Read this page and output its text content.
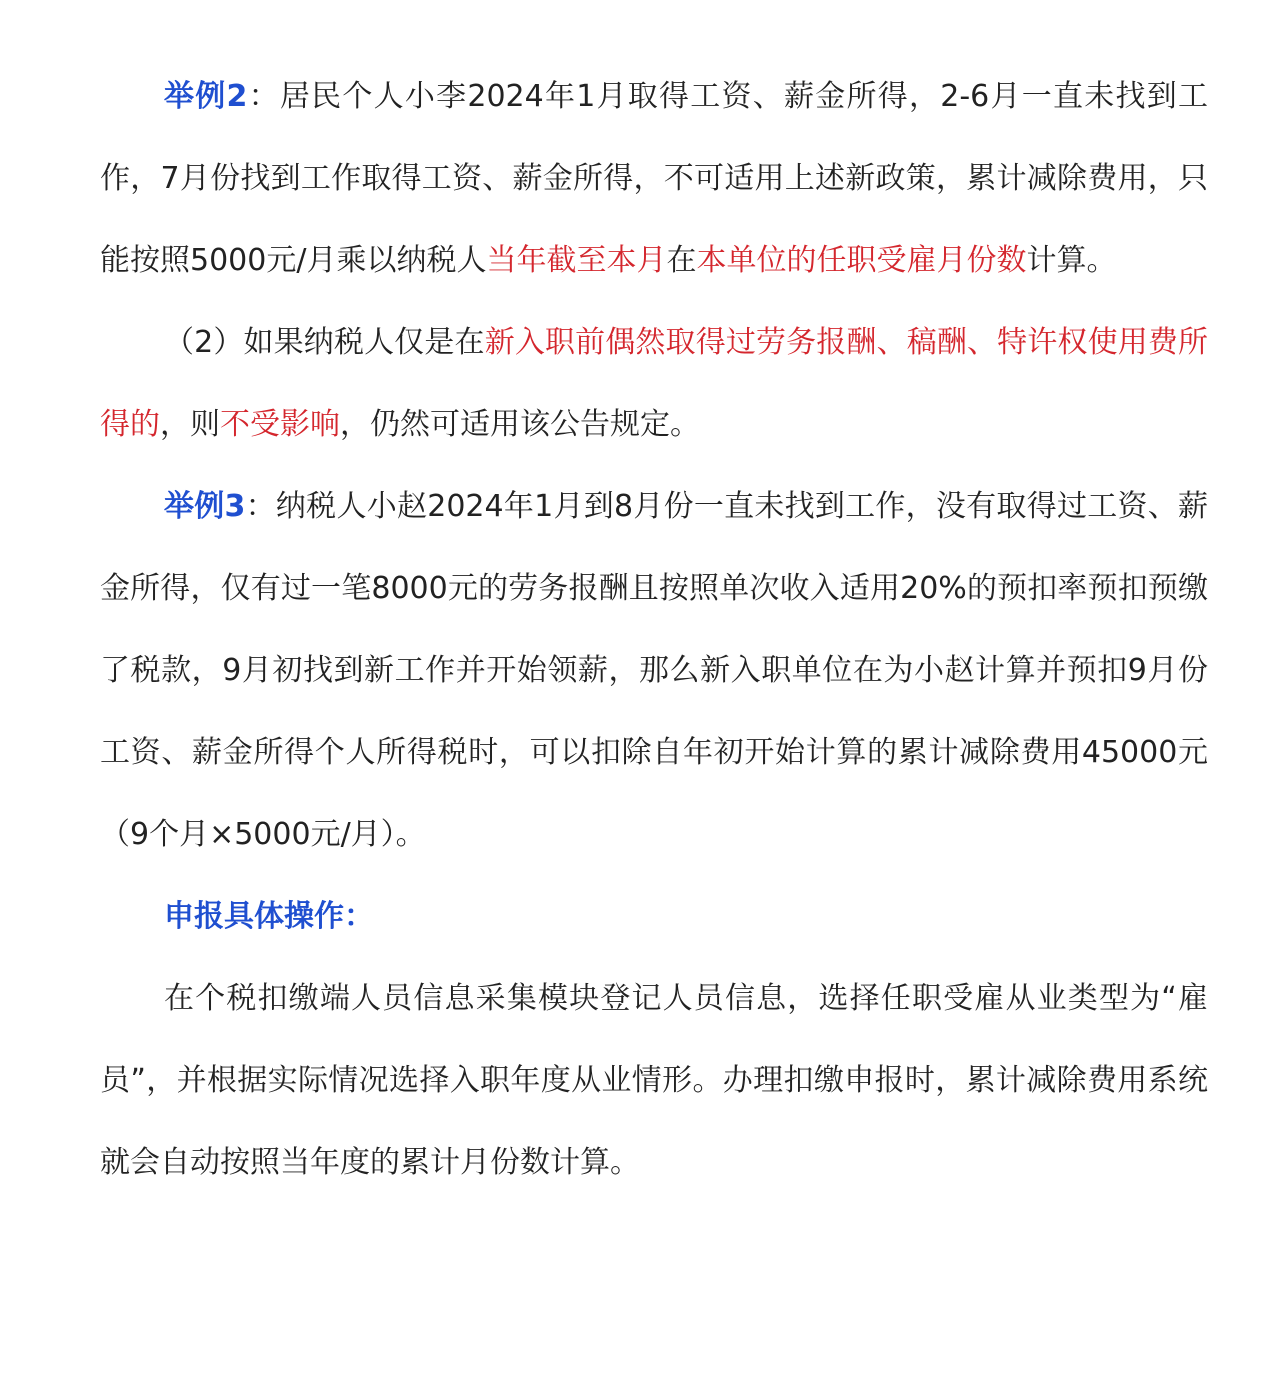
举例2：居民个人小李2024年1月取得工资、薪金所得，2-6月一直未找到工作，7月份找到工作取得工资、薪金所得，不可适用上述新政策，累计减除费用，只能按照5000元/月乘以纳税人当年截至本月在本单位的任职受雇月份数计算。

（2）如果纳税人仅是在新入职前偶然取得过劳务报酬、稿酬、特许权使用费所得的，则不受影响，仍然可适用该公告规定。

举例3：纳税人小赵2024年1月到8月份一直未找到工作，没有取得过工资、薪金所得，仅有过一笔8000元的劳务报酬且按照单次收入适用20%的预扣率预扣预缴了税款，9月初找到新工作并开始领薪，那么新入职单位在为小赵计算并预扣9月份工资、薪金所得个人所得税时，可以扣除自年初开始计算的累计减除费用45000元（9个月×5000元/月）。

申报具体操作：

在个税扣缴端人员信息采集模块登记人员信息，选择任职受雇从业类型为“雇员”，并根据实际情况选择入职年度从业情形。办理扣缴申报时，累计减除费用系统就会自动按照当年度的累计月份数计算。
